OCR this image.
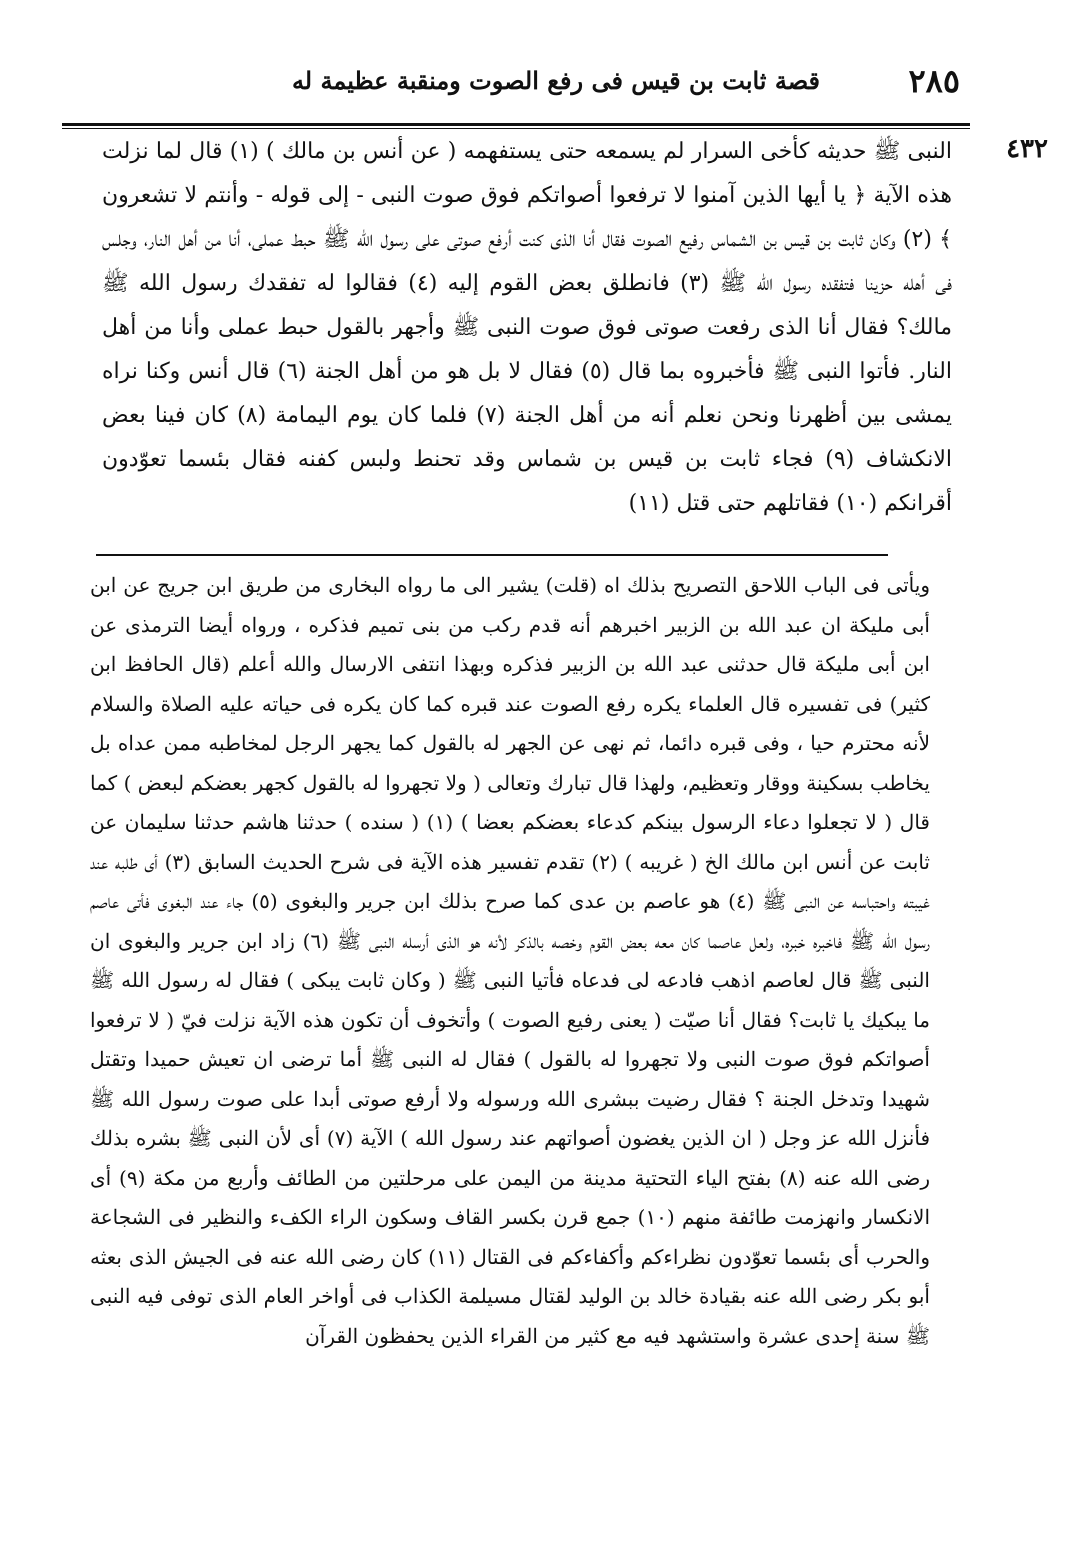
٢٨٥
قصة ثابت بن قيس فى رفع الصوت ومنقبة عظيمة له
٤٣٢

النبى ﷺ حديثه كأخى السرار لم يسمعه حتى يستفهمه ( عن أنس بن مالك ) (١) قال لما نزلت هذه الآية ﴿ يا أيها الذين آمنوا لا ترفعوا أصواتكم فوق صوت النبى - إلى قوله - وأنتم لا تشعرون ﴾ (٢) وكان ثابت بن قيس بن الشماس رفيع الصوت فقال أنا الذى كنت أرفع صوتى على رسول الله ﷺ حبط عملى، أنا من أهل النار، وجلس فى أهله حزينا فتفقده رسول الله ﷺ (٣) فانطلق بعض القوم إليه (٤) فقالوا له تفقدك رسول الله ﷺ مالك؟ فقال أنا الذى رفعت صوتى فوق صوت النبى ﷺ وأجهر بالقول حبط عملى وأنا من أهل النار. فأتوا النبى ﷺ فأخبروه بما قال (٥) فقال لا بل هو من أهل الجنة (٦) قال أنس وكنا نراه يمشى بين أظهرنا ونحن نعلم أنه من أهل الجنة (٧) فلما كان يوم اليمامة (٨) كان فينا بعض الانكشاف (٩) فجاء ثابت بن قيس بن شماس وقد تحنط ولبس كفنه فقال بئسما تعوّدون أقرانكم (١٠) فقاتلهم حتى قتل (١١)

ويأتى فى الباب اللاحق التصريح بذلك اه (قلت) يشير الى ما رواه البخارى من طريق ابن جريج عن ابن أبى مليكة ان عبد الله بن الزبير اخبرهم أنه قدم ركب من بنى تميم فذكره ، ورواه أيضا الترمذى عن ابن أبى مليكة قال حدثنى عبد الله بن الزبير فذكره وبهذا انتفى الارسال والله أعلم (قال الحافظ ابن كثير) فى تفسيره قال العلماء يكره رفع الصوت عند قبره كما كان يكره فى حياته عليه الصلاة والسلام لأنه محترم حيا ، وفى قبره دائما، ثم نهى عن الجهر له بالقول كما يجهر الرجل لمخاطبه ممن عداه بل يخاطب بسكينة ووقار وتعظيم، ولهذا قال تبارك وتعالى ( ولا تجهروا له بالقول كجهر بعضكم لبعض ) كما قال ( لا تجعلوا دعاء الرسول بينكم كدعاء بعضكم بعضا ) (١) ( سنده ) حدثنا هاشم حدثنا سليمان عن ثابت عن أنس ابن مالك الخ ( غريبه ) (٢) تقدم تفسير هذه الآية فى شرح الحديث السابق (٣) أى طلبه عند غيبته واحتباسه عن النبى ﷺ (٤) هو عاصم بن عدى كما صرح بذلك ابن جرير والبغوى (٥) جاء عند البغوى فأتى عاصم رسول الله ﷺ فاخبره خبره، ولعل عاصما كان معه بعض القوم وخصه بالذكر لأنه هو الذى أرسله النبى ﷺ (٦) زاد ابن جرير والبغوى ان النبى ﷺ قال لعاصم اذهب فادعه لى فدعاه فأتيا النبى ﷺ ( وكان ثابت يبكى ) فقال له رسول الله ﷺ ما يبكيك يا ثابت؟ فقال أنا صيّت ( يعنى رفيع الصوت ) وأتخوف أن تكون هذه الآية نزلت فيّ ( لا ترفعوا أصواتكم فوق صوت النبى ولا تجهروا له بالقول ) فقال له النبى ﷺ أما ترضى ان تعيش حميدا وتقتل شهيدا وتدخل الجنة ؟ فقال رضيت ببشرى الله ورسوله ولا أرفع صوتى أبدا على صوت رسول الله ﷺ فأنزل الله عز وجل ( ان الذين يغضون أصواتهم عند رسول الله ) الآية (٧) أى لأن النبى ﷺ بشره بذلك رضى الله عنه (٨) بفتح الياء التحتية مدينة من اليمن على مرحلتين من الطائف وأربع من مكة (٩) أى الانكسار وانهزمت طائفة منهم (١٠) جمع قرن بكسر القاف وسكون الراء الكفء والنظير فى الشجاعة والحرب أى بئسما تعوّدون نظراءكم وأكفاءكم فى القتال (١١) كان رضى الله عنه فى الجيش الذى بعثه أبو بكر رضى الله عنه بقيادة خالد بن الوليد لقتال مسيلمة الكذاب فى أواخر العام الذى توفى فيه النبى ﷺ سنة إحدى عشرة واستشهد فيه مع كثير من القراء الذين يحفظون القرآن
